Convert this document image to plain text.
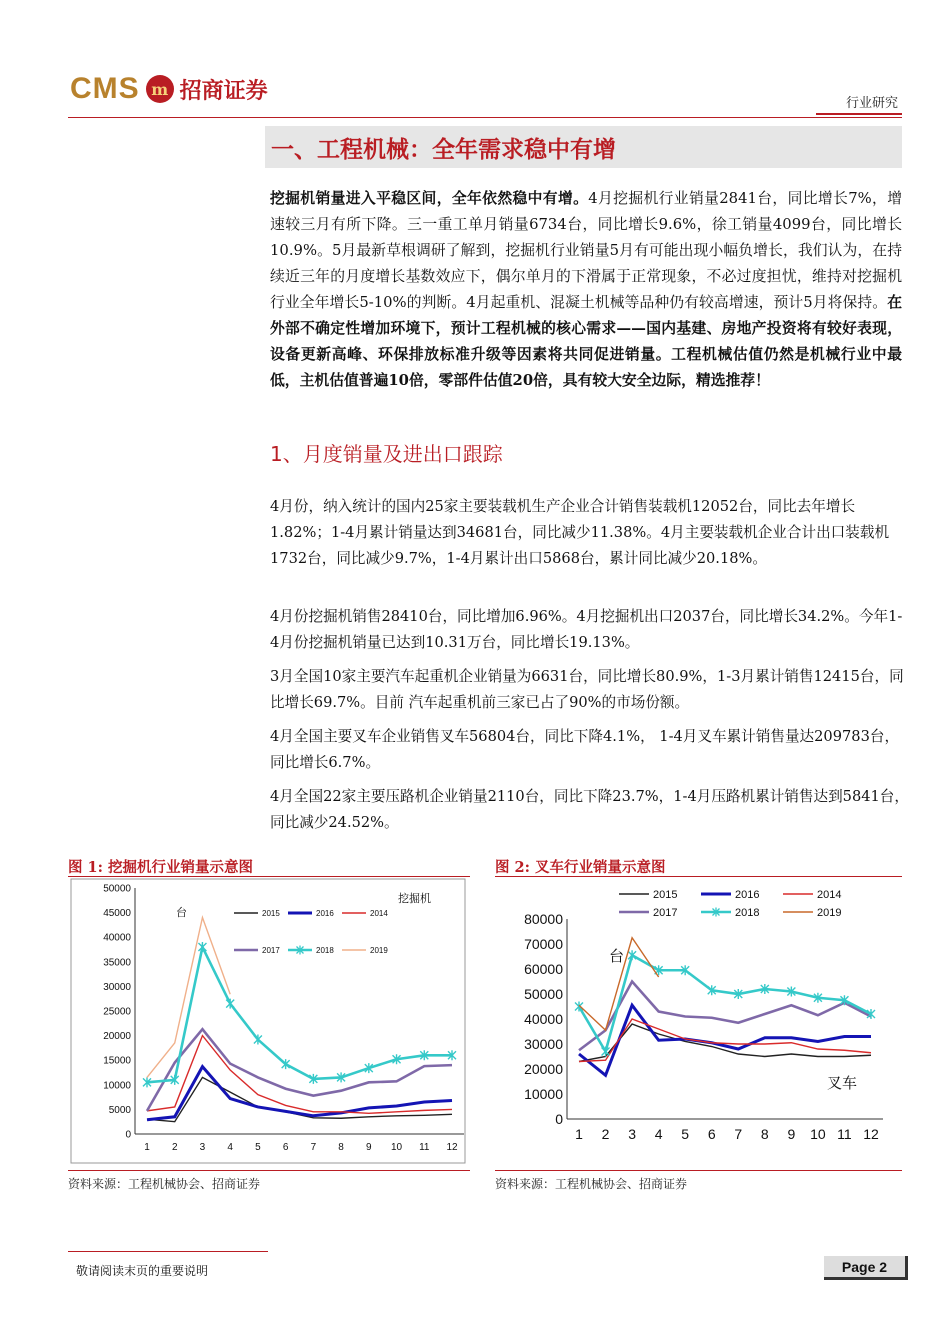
CMS m 招商证券	行业研究
一、工程机械：全年需求稳中有增
挖掘机销量进入平稳区间，全年依然稳中有增。4月挖掘机行业销量2841台，同比增长7%，增速较三月有所下降。三一重工单月销量6734台，同比增长9.6%，徐工销量4099台，同比增长10.9%。5月最新草根调研了解到，挖掘机行业销量5月有可能出现小幅负增长，我们认为，在持续近三年的月度增长基数效应下，偶尔单月的下滑属于正常现象，不必过度担忧，维持对挖掘机行业全年增长5-10%的判断。4月起重机、混凝土机械等品种仍有较高增速，预计5月将保持。在外部不确定性增加环境下，预计工程机械的核心需求——国内基建、房地产投资将有较好表现，设备更新高峰、环保排放标准升级等因素将共同促进销量。工程机械估值仍然是机械行业中最低，主机估值普遍10倍，零部件估值20倍，具有较大安全边际，精选推荐！
1、月度销量及进出口跟踪
4月份，纳入统计的国内25家主要装载机生产企业合计销售装载机12052台，同比去年增长1.82%；1-4月累计销量达到34681台，同比减少11.38%。4月主要装载机企业合计出口装载机1732台，同比减少9.7%，1-4月累计出口5868台，累计同比减少20.18%。
4月份挖掘机销售28410台，同比增加6.96%。4月挖掘机出口2037台，同比增长34.2%。今年1-4月份挖掘机销量已达到10.31万台，同比增长19.13%。
3月全国10家主要汽车起重机企业销量为6631台，同比增长80.9%，1-3月累计销售12415台，同比增长69.7%。目前 汽车起重机前三家已占了90%的市场份额。
4月全国主要叉车企业销售叉车56804台，同比下降4.1%， 1-4月叉车累计销售量达209783台，同比增长6.7%。
4月全国22家主要压路机企业销量2110台，同比下降23.7%，1-4月压路机累计销售达到5841台，同比减少24.52%。
图 1: 挖掘机行业销量示意图
0
5000
10000
15000
20000
25000
30000
35000
40000
45000
50000
1 2 3 4 5 6 7 8 9 10 11 12
台
挖掘机
2015	2016	2014
2017	2018	2019
资料来源：工程机械协会、招商证券
图 2: 叉车行业销量示意图
0
10000
20000
30000
40000
50000
60000
70000
80000
1 2 3 4 5 6 7 8 9 10 11 12
台
叉车
2015	2016	2014
2017	2018	2019
资料来源：工程机械协会、招商证券
敬请阅读末页的重要说明	Page 2
